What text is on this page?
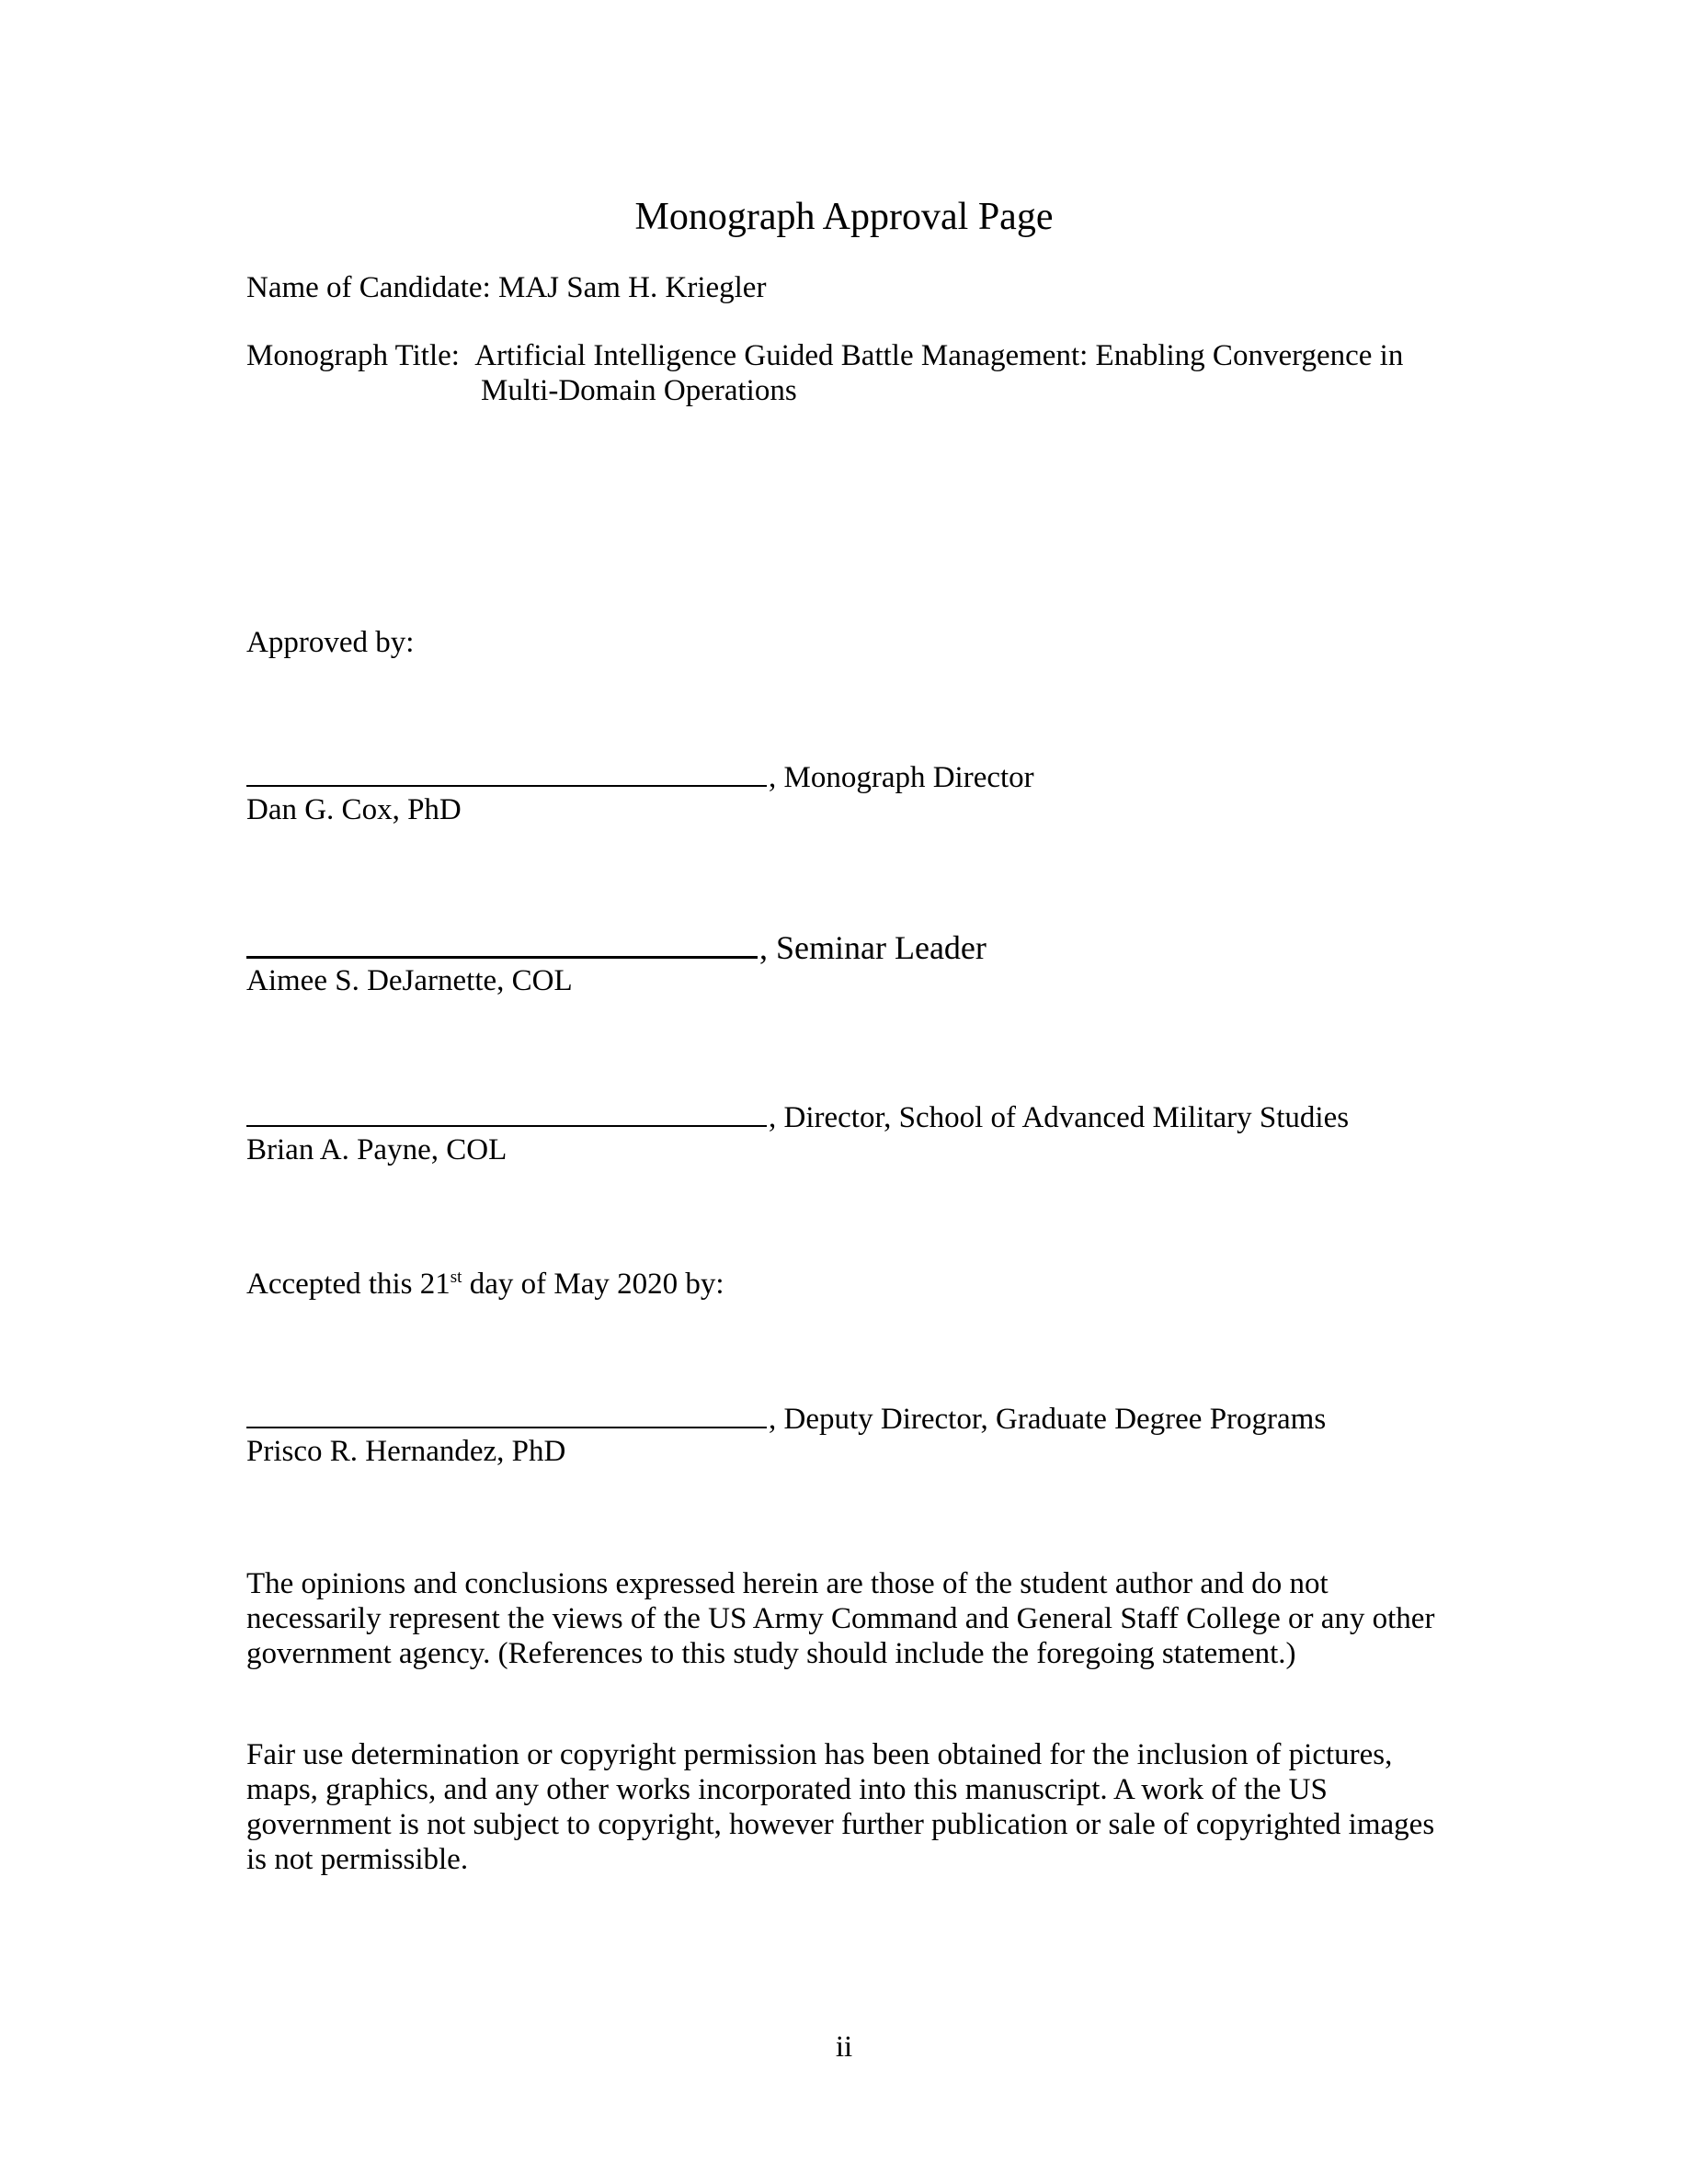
Monograph Approval Page
Name of Candidate: MAJ Sam H. Kriegler
Monograph Title: Artificial Intelligence Guided Battle Management: Enabling Convergence in
Multi-Domain Operations
Approved by:
, Monograph Director
Dan G. Cox, PhD
, Seminar Leader
Aimee S. DeJarnette, COL
, Director, School of Advanced Military Studies
Brian A. Payne, COL
Accepted this 21st day of May 2020 by:
, Deputy Director, Graduate Degree Programs
Prisco R. Hernandez, PhD
The opinions and conclusions expressed herein are those of the student author and do not necessarily represent the views of the US Army Command and General Staff College or any other government agency. (References to this study should include the foregoing statement.)
Fair use determination or copyright permission has been obtained for the inclusion of pictures, maps, graphics, and any other works incorporated into this manuscript. A work of the US government is not subject to copyright, however further publication or sale of copyrighted images is not permissible.
ii
